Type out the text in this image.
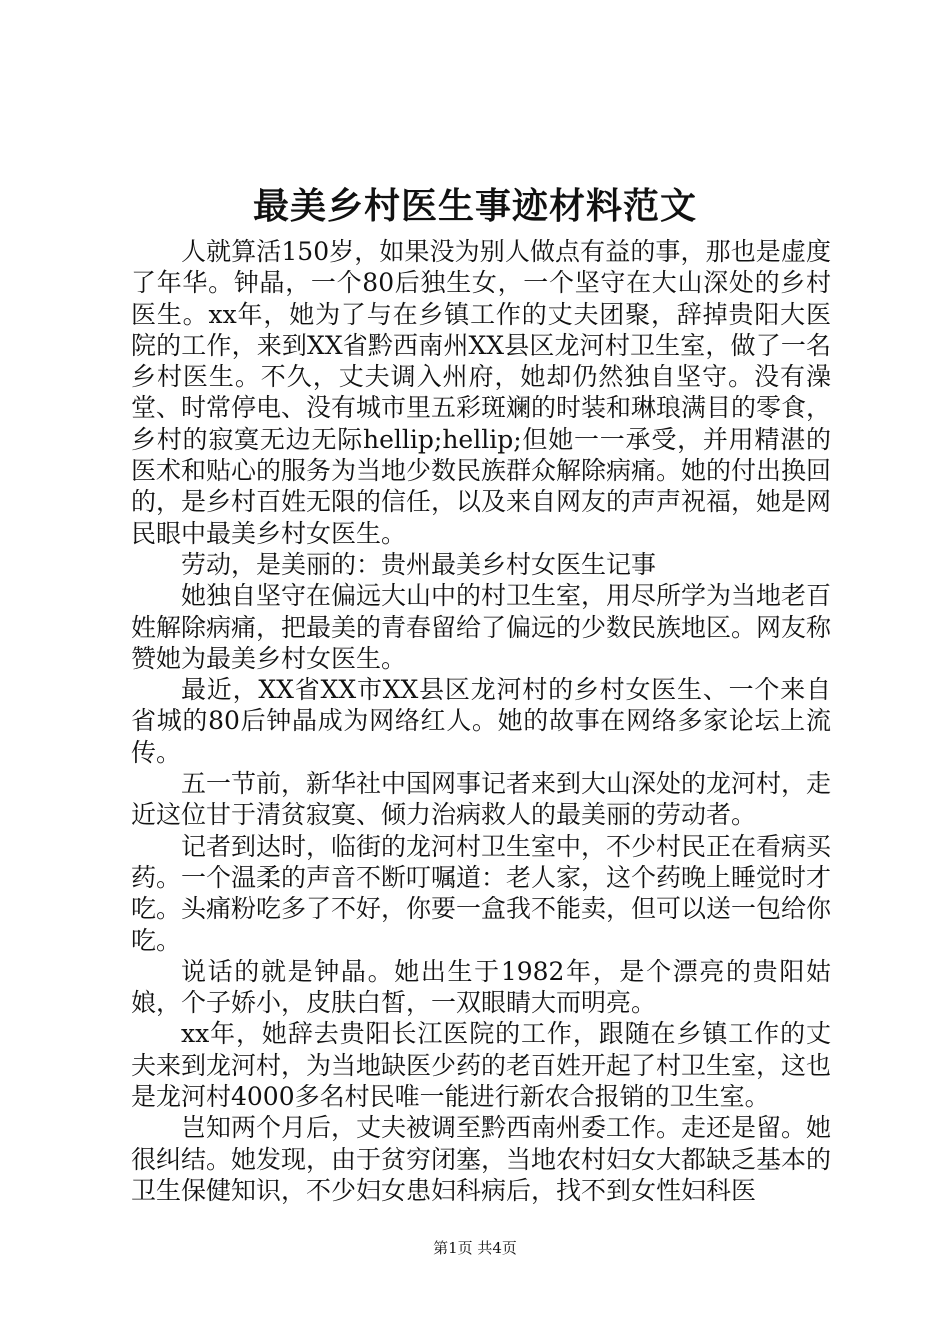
最美乡村医生事迹材料范文

人就算活150岁，如果没为别人做点有益的事，那也是虚度了年华。钟晶，一个80后独生女，一个坚守在大山深处的乡村医生。xx年，她为了与在乡镇工作的丈夫团聚，辞掉贵阳大医院的工作，来到XX省黔西南州XX县区龙河村卫生室，做了一名乡村医生。不久，丈夫调入州府，她却仍然独自坚守。没有澡堂、时常停电、没有城市里五彩斑斓的时装和琳琅满目的零食，乡村的寂寞无边无际hellip;hellip;但她一一承受，并用精湛的医术和贴心的服务为当地少数民族群众解除病痛。她的付出换回的，是乡村百姓无限的信任，以及来自网友的声声祝福，她是网民眼中最美乡村女医生。

劳动，是美丽的：贵州最美乡村女医生记事

她独自坚守在偏远大山中的村卫生室，用尽所学为当地老百姓解除病痛，把最美的青春留给了偏远的少数民族地区。网友称赞她为最美乡村女医生。

最近，XX省XX市XX县区龙河村的乡村女医生、一个来自省城的80后钟晶成为网络红人。她的故事在网络多家论坛上流传。

五一节前，新华社中国网事记者来到大山深处的龙河村，走近这位甘于清贫寂寞、倾力治病救人的最美丽的劳动者。

记者到达时，临街的龙河村卫生室中，不少村民正在看病买药。一个温柔的声音不断叮嘱道：老人家，这个药晚上睡觉时才吃。头痛粉吃多了不好，你要一盒我不能卖，但可以送一包给你吃。

说话的就是钟晶。她出生于1982年，是个漂亮的贵阳姑娘，个子娇小，皮肤白皙，一双眼睛大而明亮。

xx年，她辞去贵阳长江医院的工作，跟随在乡镇工作的丈夫来到龙河村，为当地缺医少药的老百姓开起了村卫生室，这也是龙河村4000多名村民唯一能进行新农合报销的卫生室。

岂知两个月后，丈夫被调至黔西南州委工作。走还是留。她很纠结。她发现，由于贫穷闭塞，当地农村妇女大都缺乏基本的卫生保健知识，不少妇女患妇科病后，找不到女性妇科医

第1页 共4页
